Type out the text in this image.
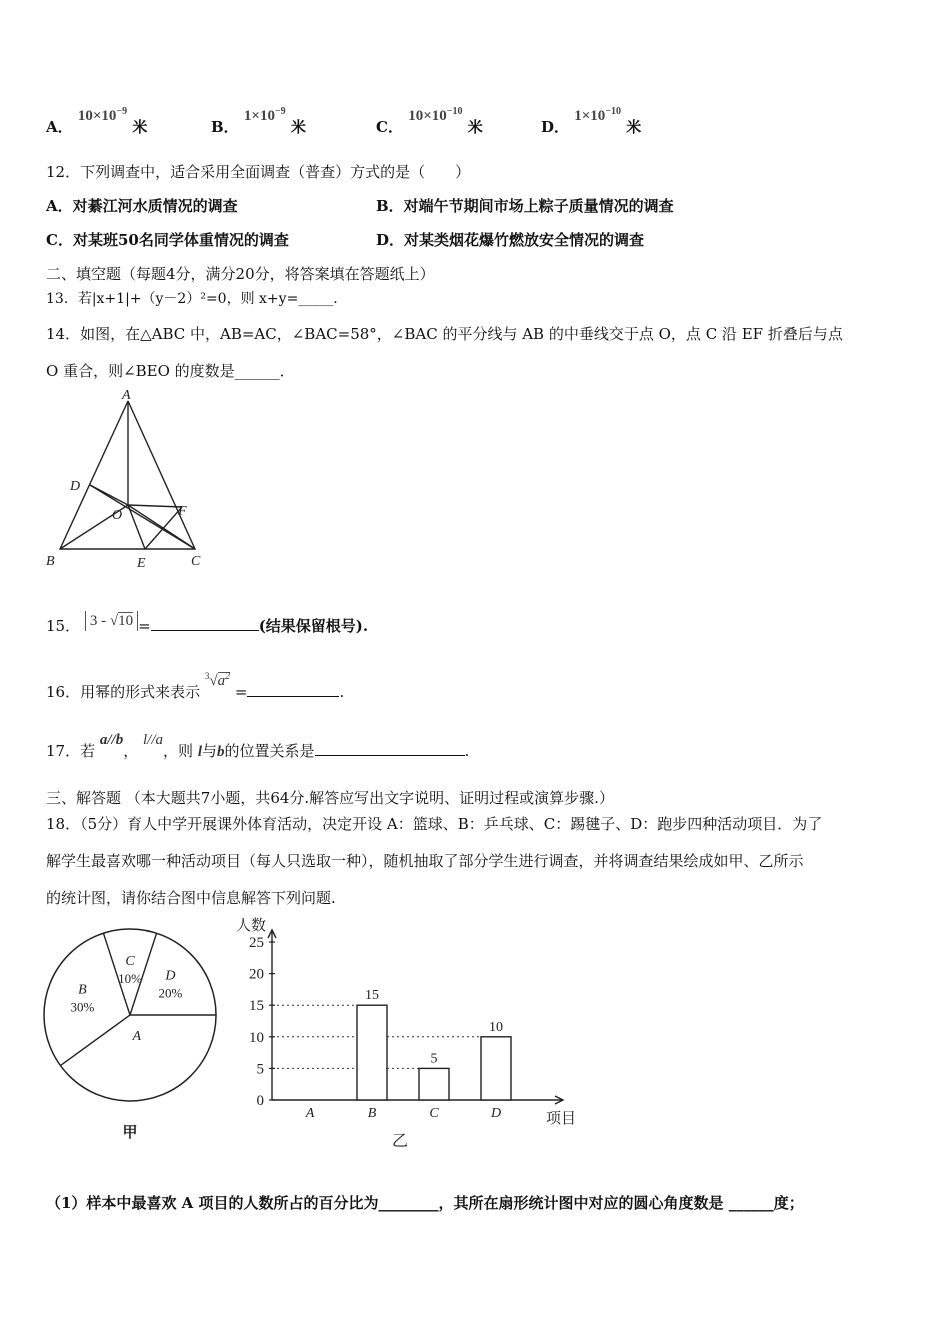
A． $10\times 10^{-9}$ 米	B． $1\times 10^{-9}$ 米	C． $10\times 10^{-10}$ 米	D． $1\times 10^{-10}$ 米
12．下列调查中，适合采用全面调查（普查）方式的是（　　）
A．对綦江河水质情况的调查	B．对端午节期间市场上粽子质量情况的调查
C．对某班50名同学体重情况的调查	D．对某类烟花爆竹燃放安全情况的调查
二、填空题（每题4分，满分20分，将答案填在答题纸上）
13．若|x+1|+（y－2）²=0，则 x+y=_____．
14．如图，在△ABC 中，AB=AC，∠BAC=58°，∠BAC 的平分线与 AB 的中垂线交于点 O，点 C 沿 EF 折叠后与点
O 重合，则∠BEO 的度数是______．
A
D
O	F
B	E	C
15． 3 - √10 =	(结果保留根号).
16．用幂的形式来表示 $^3√a^2$ =	.
17．若 a//b， l//a，则 l与b的位置关系是	.
三、解答题 （本大题共7小题，共64分.解答应写出文字说明、证明过程或演算步骤.）
18．（5分）育人中学开展课外体育活动，决定开设 A：篮球、B：乒乓球、C：踢毽子、D：跑步四种活动项目．为了
解学生最喜欢哪一种活动项目（每人只选取一种），随机抽取了部分学生进行调查，并将调查结果绘成如甲、乙所示
的统计图，请你结合图中信息解答下列问题.
A
B
30%
C
10% D
20%
甲
0
5
10
15
20
25
A	B	C	D
15
5
10
人数
项目
乙
（1）样本中最喜欢 A 项目的人数所占的百分比为________，其所在扇形统计图中对应的圆心角度数是 ______度；
